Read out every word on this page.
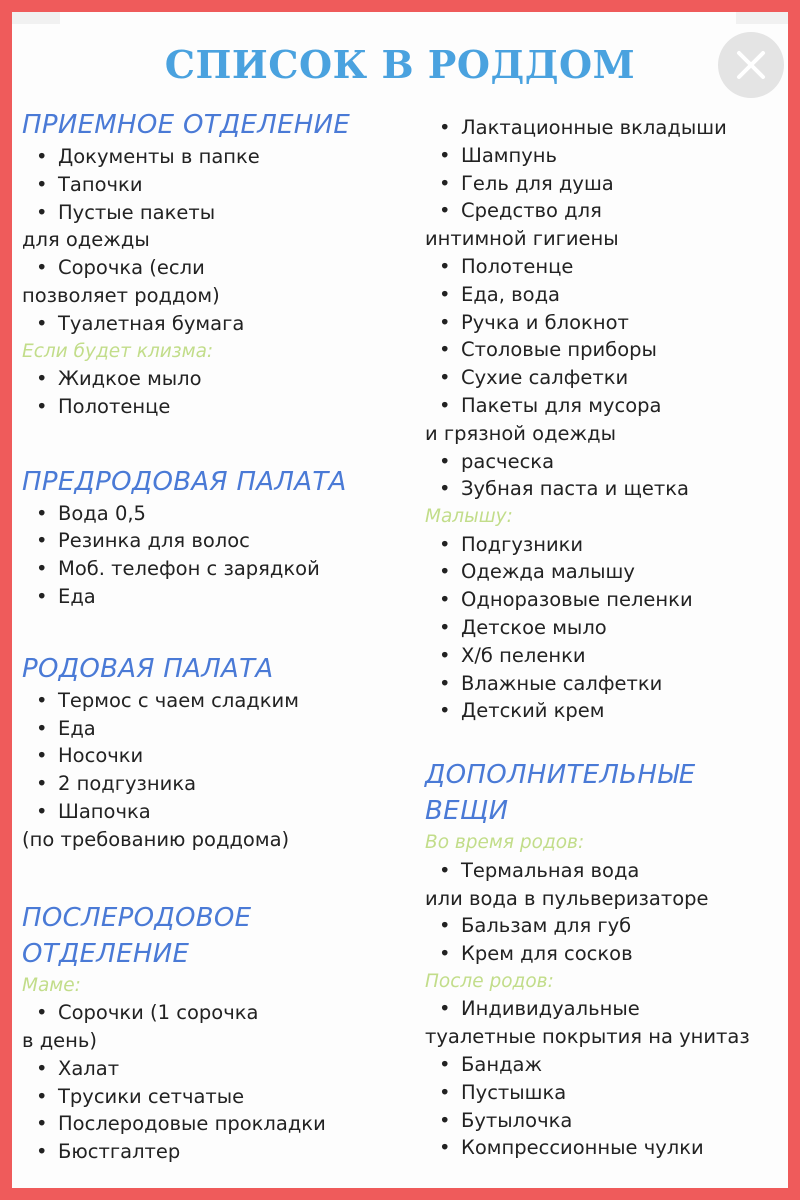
СПИСОК В РОДДОМ
ПРИЕМНОЕ ОТДЕЛЕНИЕ
• Документы в папке
• Тапочки
• Пустые пакеты
для одежды
• Сорочка (если
позволяет роддом)
• Туалетная бумага
Если будет клизма:
• Жидкое мыло
• Полотенце
ПРЕДРОДОВАЯ ПАЛАТА
• Вода 0,5
• Резинка для волос
• Моб. телефон с зарядкой
• Еда
РОДОВАЯ ПАЛАТА
• Термос с чаем сладким
• Еда
• Носочки
• 2 подгузника
• Шапочка
(по требованию роддома)
ПОСЛЕРОДОВОЕ
ОТДЕЛЕНИЕ
Маме:
• Сорочки (1 сорочка
в день)
• Халат
• Трусики сетчатые
• Послеродовые прокладки
• Бюстгалтер
• Лактационные вкладыши
• Шампунь
• Гель для душа
• Средство для
интимной гигиены
• Полотенце
• Еда, вода
• Ручка и блокнот
• Столовые приборы
• Сухие салфетки
• Пакеты для мусора
и грязной одежды
• расческа
• Зубная паста и щетка
Малышу:
• Подгузники
• Одежда малышу
• Одноразовые пеленки
• Детское мыло
• Х/б пеленки
• Влажные салфетки
• Детский крем
ДОПОЛНИТЕЛЬНЫЕ
ВЕЩИ
Во время родов:
• Термальная вода
или вода в пульверизаторе
• Бальзам для губ
• Крем для сосков
После родов:
• Индивидуальные
туалетные покрытия на унитаз
• Бандаж
• Пустышка
• Бутылочка
• Компрессионные чулки
